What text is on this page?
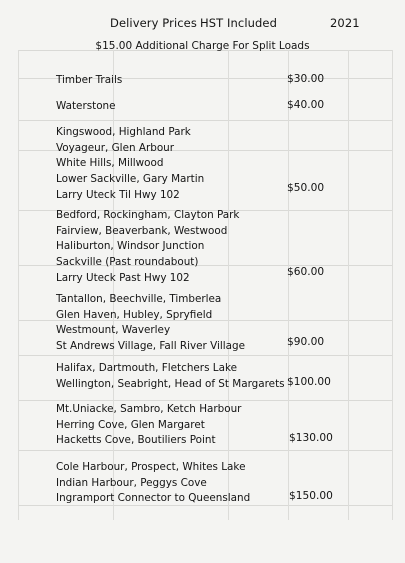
Delivery Prices HST Included	2021
$15.00 Additional Charge For Split Loads
Timber Trails	$30.00
Waterstone	$40.00
Kingswood, Highland Park
Voyageur, Glen Arbour
White Hills, Millwood
Lower Sackville, Gary Martin
Larry Uteck Til Hwy 102
$50.00
Bedford, Rockingham, Clayton Park
Fairview, Beaverbank, Westwood
Haliburton, Windsor Junction
Sackville (Past roundabout)
Larry Uteck Past Hwy 102	$60.00
Tantallon, Beechville, Timberlea
Glen Haven, Hubley, Spryfield
Westmount, Waverley
St Andrews Village, Fall River Village	$90.00
Halifax, Dartmouth, Fletchers Lake
Wellington, Seabright, Head of St Margarets $100.00
Mt.Uniacke, Sambro, Ketch Harbour
Herring Cove, Glen Margaret
Hacketts Cove, Boutiliers Point	$130.00
Cole Harbour, Prospect, Whites Lake
Indian Harbour, Peggys Cove
Ingramport Connector to Queensland	$150.00
